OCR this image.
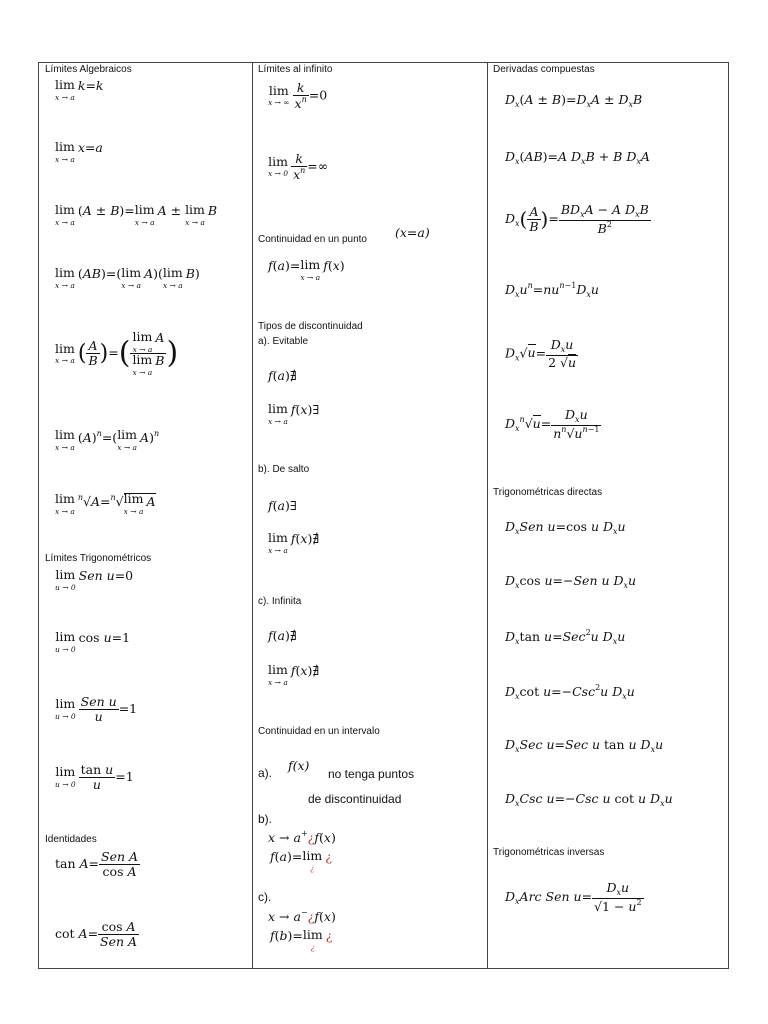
Límites Algebraicos
lim
x → a
k=k
lim
x → a
x=a
lim
x → a
(A ± B)=lim
x → a
A ± lim
x → a
B
lim
x → a
(AB)=(lim
x → a
A)(lim
x → a
B)
lim
x → a ( $\frac{A}{B}$ )=( lim
x → a
A
lim
x → a
B )
lim
x → a
$(A)^n=(\lim$
x → a
A)$^n$
lim
x → a
$^n$√A=$^n$√lim
x → a
A
Límites Trigonométricos
lim
u → 0
Sen u=0
lim
u → 0
cos u=1
lim
$u \to 0 \frac{\text{Sen u}}{u} =1$
lim
$u \to 0 \frac{\text{tan u}}{u} =1$
Identidades
$\tan A= \frac{\text{Sen A}}{\text{cos A}}$
$\cot A= \frac{\text{cos A}}{\text{Sen A}}$
Límites al infinito
lim
x → ∞ $\frac{k}{x^n} =0$
lim
$x \to 0 \frac{k}{x^n}$ =∞
Continuidad en un punto (x=a)
f(a)=lim
x → a
f(x)
Tipos de discontinuidad
a). Evitable
f(a)∄
lim
x → a
f(x)∃
b). De salto
f(a)∃
lim
x → a
f(x)∄
c). Infinita
f(a)∄
lim
x → a
f(x)∄
Continuidad en un intervalo
a). f(x)
no tenga puntos
de discontinuidad
b).
x → a+¿f(x)
f(a)=lim
¿
¿
c).
x → a−¿f(x)
f(b)=lim
¿
¿
Derivadas compuestas
$D_x(A \pm B)=D_xA \pm D_xB$
$D_x(AB)=A$ $D_xB + B$ $D_xA$
$D_x( \frac{A}{B}$ )= $\frac{BD_xA - A D_xB}{B^2}$
$D_xu^n=nu^{n-1}D_xu$
$D_x√u= \frac{D_xu}{2 √u}$
$D_x^n√u= \frac{D_xu}{n^n√u^{n-1}}$
Trigonométricas directas
$D_xSen$ u=cos u $D_xu$
$D_x\cos$ u=−Sen u $D_xu$
$D_x\tan$ u=Sec$^2$u $D_xu$
$D_x\cot$ u=−Csc$^2$u $D_xu$
$D_xSec$ u=Sec u tan u $D_xu$
$D_xCsc$ u=−Csc u cot u $D_xu$
Trigonométricas inversas
$D_xArc$ Sen $u= \frac{D_xu}{√1 - u^2}$
